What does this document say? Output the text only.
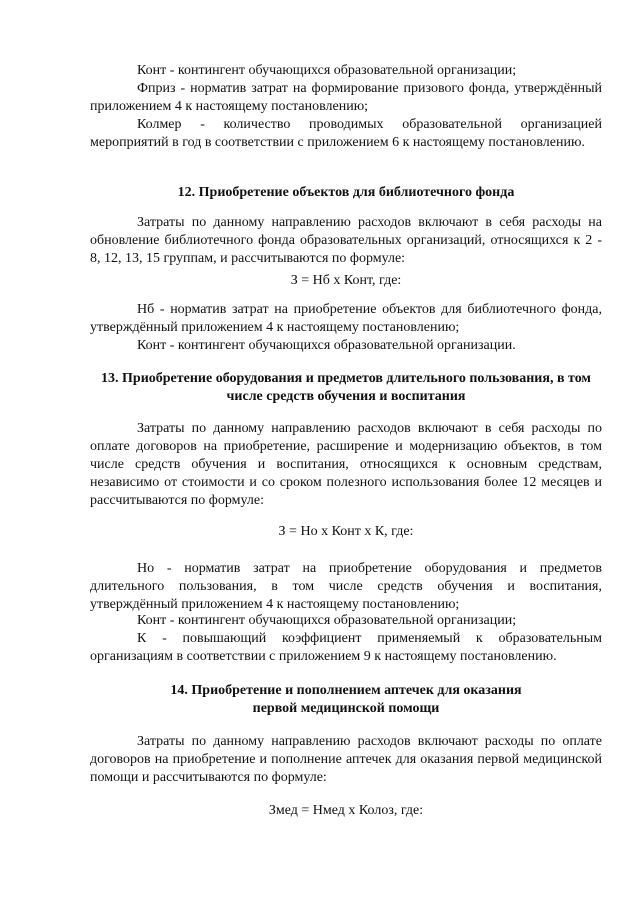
Конт - контингент обучающихся образовательной организации;

Фприз - норматив затрат на формирование призового фонда, утверждённый приложением 4 к настоящему постановлению;

Колмер - количество проводимых образовательной организацией мероприятий в год в соответствии с приложением 6 к настоящему постановлению.

12. Приобретение объектов для библиотечного фонда

Затраты по данному направлению расходов включают в себя расходы на обновление библиотечного фонда образовательных организаций, относящихся к 2 - 8, 12, 13, 15 группам, и рассчитываются по формуле:

З = Нб х Конт, где:

Нб - норматив затрат на приобретение объектов для библиотечного фонда, утверждённый приложением 4 к настоящему постановлению;

Конт - контингент обучающихся образовательной организации.

13. Приобретение оборудования и предметов длительного пользования, в том числе средств обучения и воспитания

Затраты по данному направлению расходов включают в себя расходы по оплате договоров на приобретение, расширение и модернизацию объектов, в том числе средств обучения и воспитания, относящихся к основным средствам, независимо от стоимости и со сроком полезного использования более 12 месяцев и рассчитываются по формуле:

З = Но х Конт х К, где:

Но - норматив затрат на приобретение оборудования и предметов длительного пользования, в том числе средств обучения и воспитания, утверждённый приложением 4 к настоящему постановлению;

Конт - контингент обучающихся образовательной организации;

К - повышающий коэффициент применяемый к образовательным организациям в соответствии с приложением 9 к настоящему постановлению.

14. Приобретение и пополнением аптечек для оказания первой медицинской помощи

Затраты по данному направлению расходов включают расходы по оплате договоров на приобретение и пополнение аптечек для оказания первой медицинской помощи и рассчитываются по формуле:

Змед = Нмед х Колоз, где:
